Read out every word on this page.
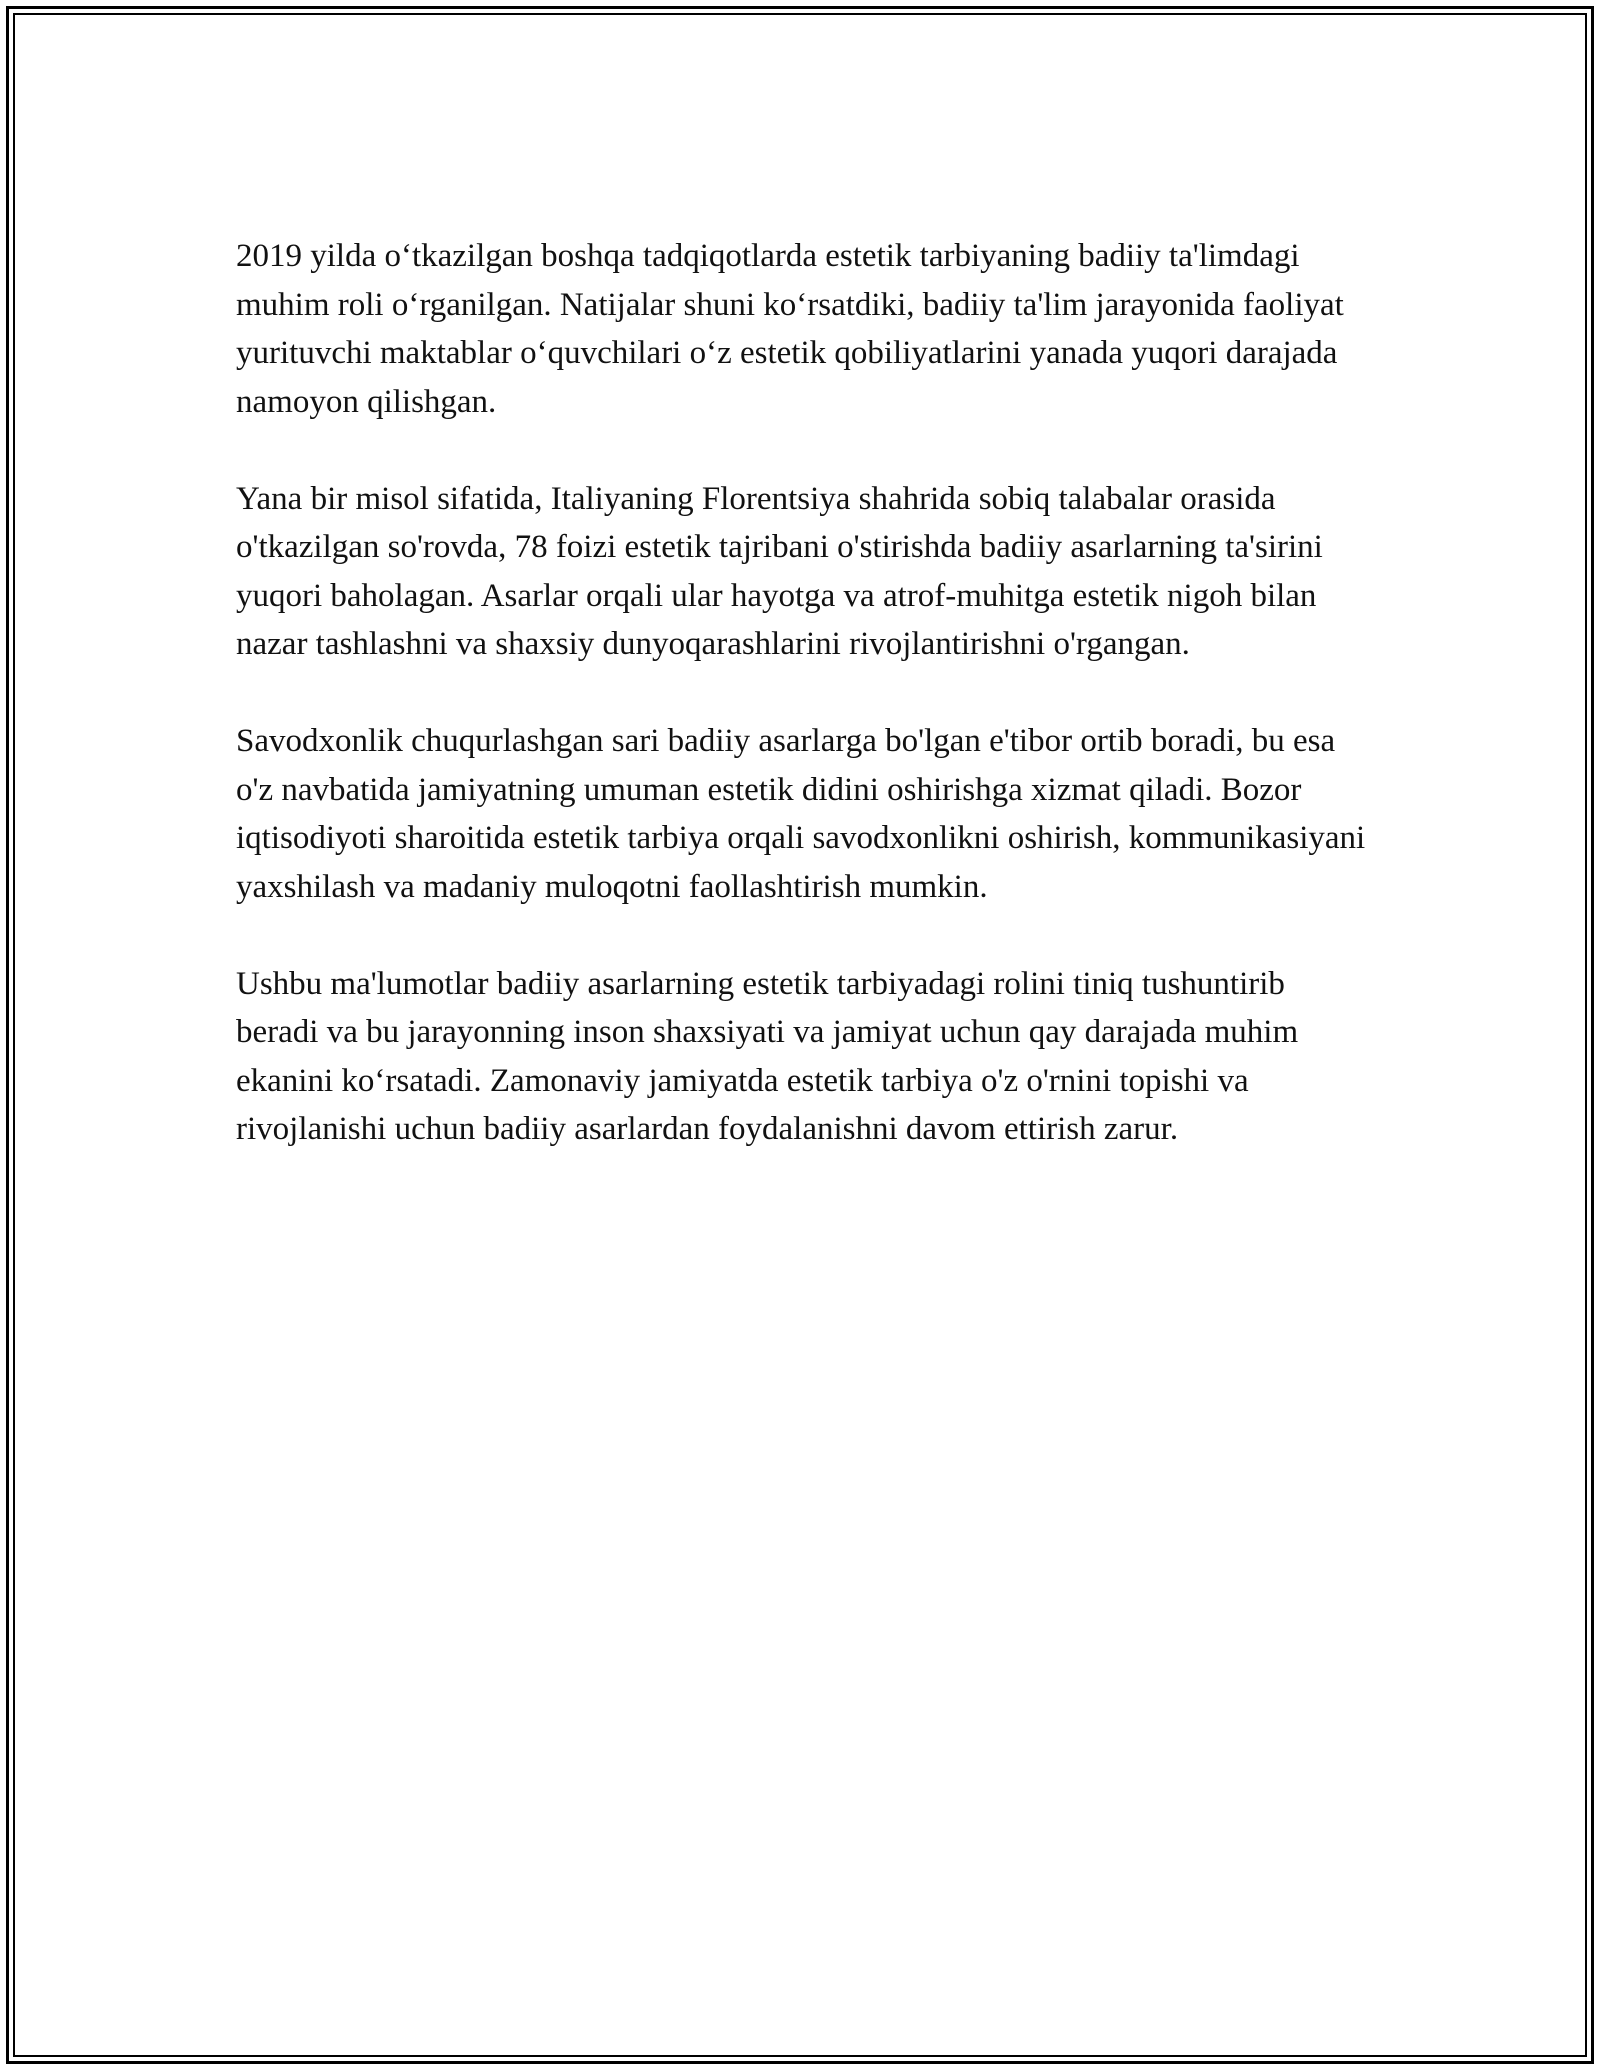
2019 yilda o‘tkazilgan boshqa tadqiqotlarda estetik tarbiyaning badiiy ta'limdagi muhim roli o‘rganilgan. Natijalar shuni ko‘rsatdiki, badiiy ta'lim jarayonida faoliyat yurituvchi maktablar o‘quvchilari o‘z estetik qobiliyatlarini yanada yuqori darajada namoyon qilishgan.

Yana bir misol sifatida, Italiyaning Florentsiya shahrida sobiq talabalar orasida o'tkazilgan so'rovda, 78 foizi estetik tajribani o'stirishda badiiy asarlarning ta'sirini yuqori baholagan. Asarlar orqali ular hayotga va atrof-muhitga estetik nigoh bilan nazar tashlashni va shaxsiy dunyoqarashlarini rivojlantirishni o'rgangan.

Savodxonlik chuqurlashgan sari badiiy asarlarga bo'lgan e'tibor ortib boradi, bu esa o'z navbatida jamiyatning umuman estetik didini oshirishga xizmat qiladi. Bozor iqtisodiyoti sharoitida estetik tarbiya orqali savodxonlikni oshirish, kommunikasiyani yaxshilash va madaniy muloqotni faollashtirish mumkin.

Ushbu ma'lumotlar badiiy asarlarning estetik tarbiyadagi rolini tiniq tushuntirib beradi va bu jarayonning inson shaxsiyati va jamiyat uchun qay darajada muhim ekanini ko‘rsatadi. Zamonaviy jamiyatda estetik tarbiya o'z o'rnini topishi va rivojlanishi uchun badiiy asarlardan foydalanishni davom ettirish zarur.
